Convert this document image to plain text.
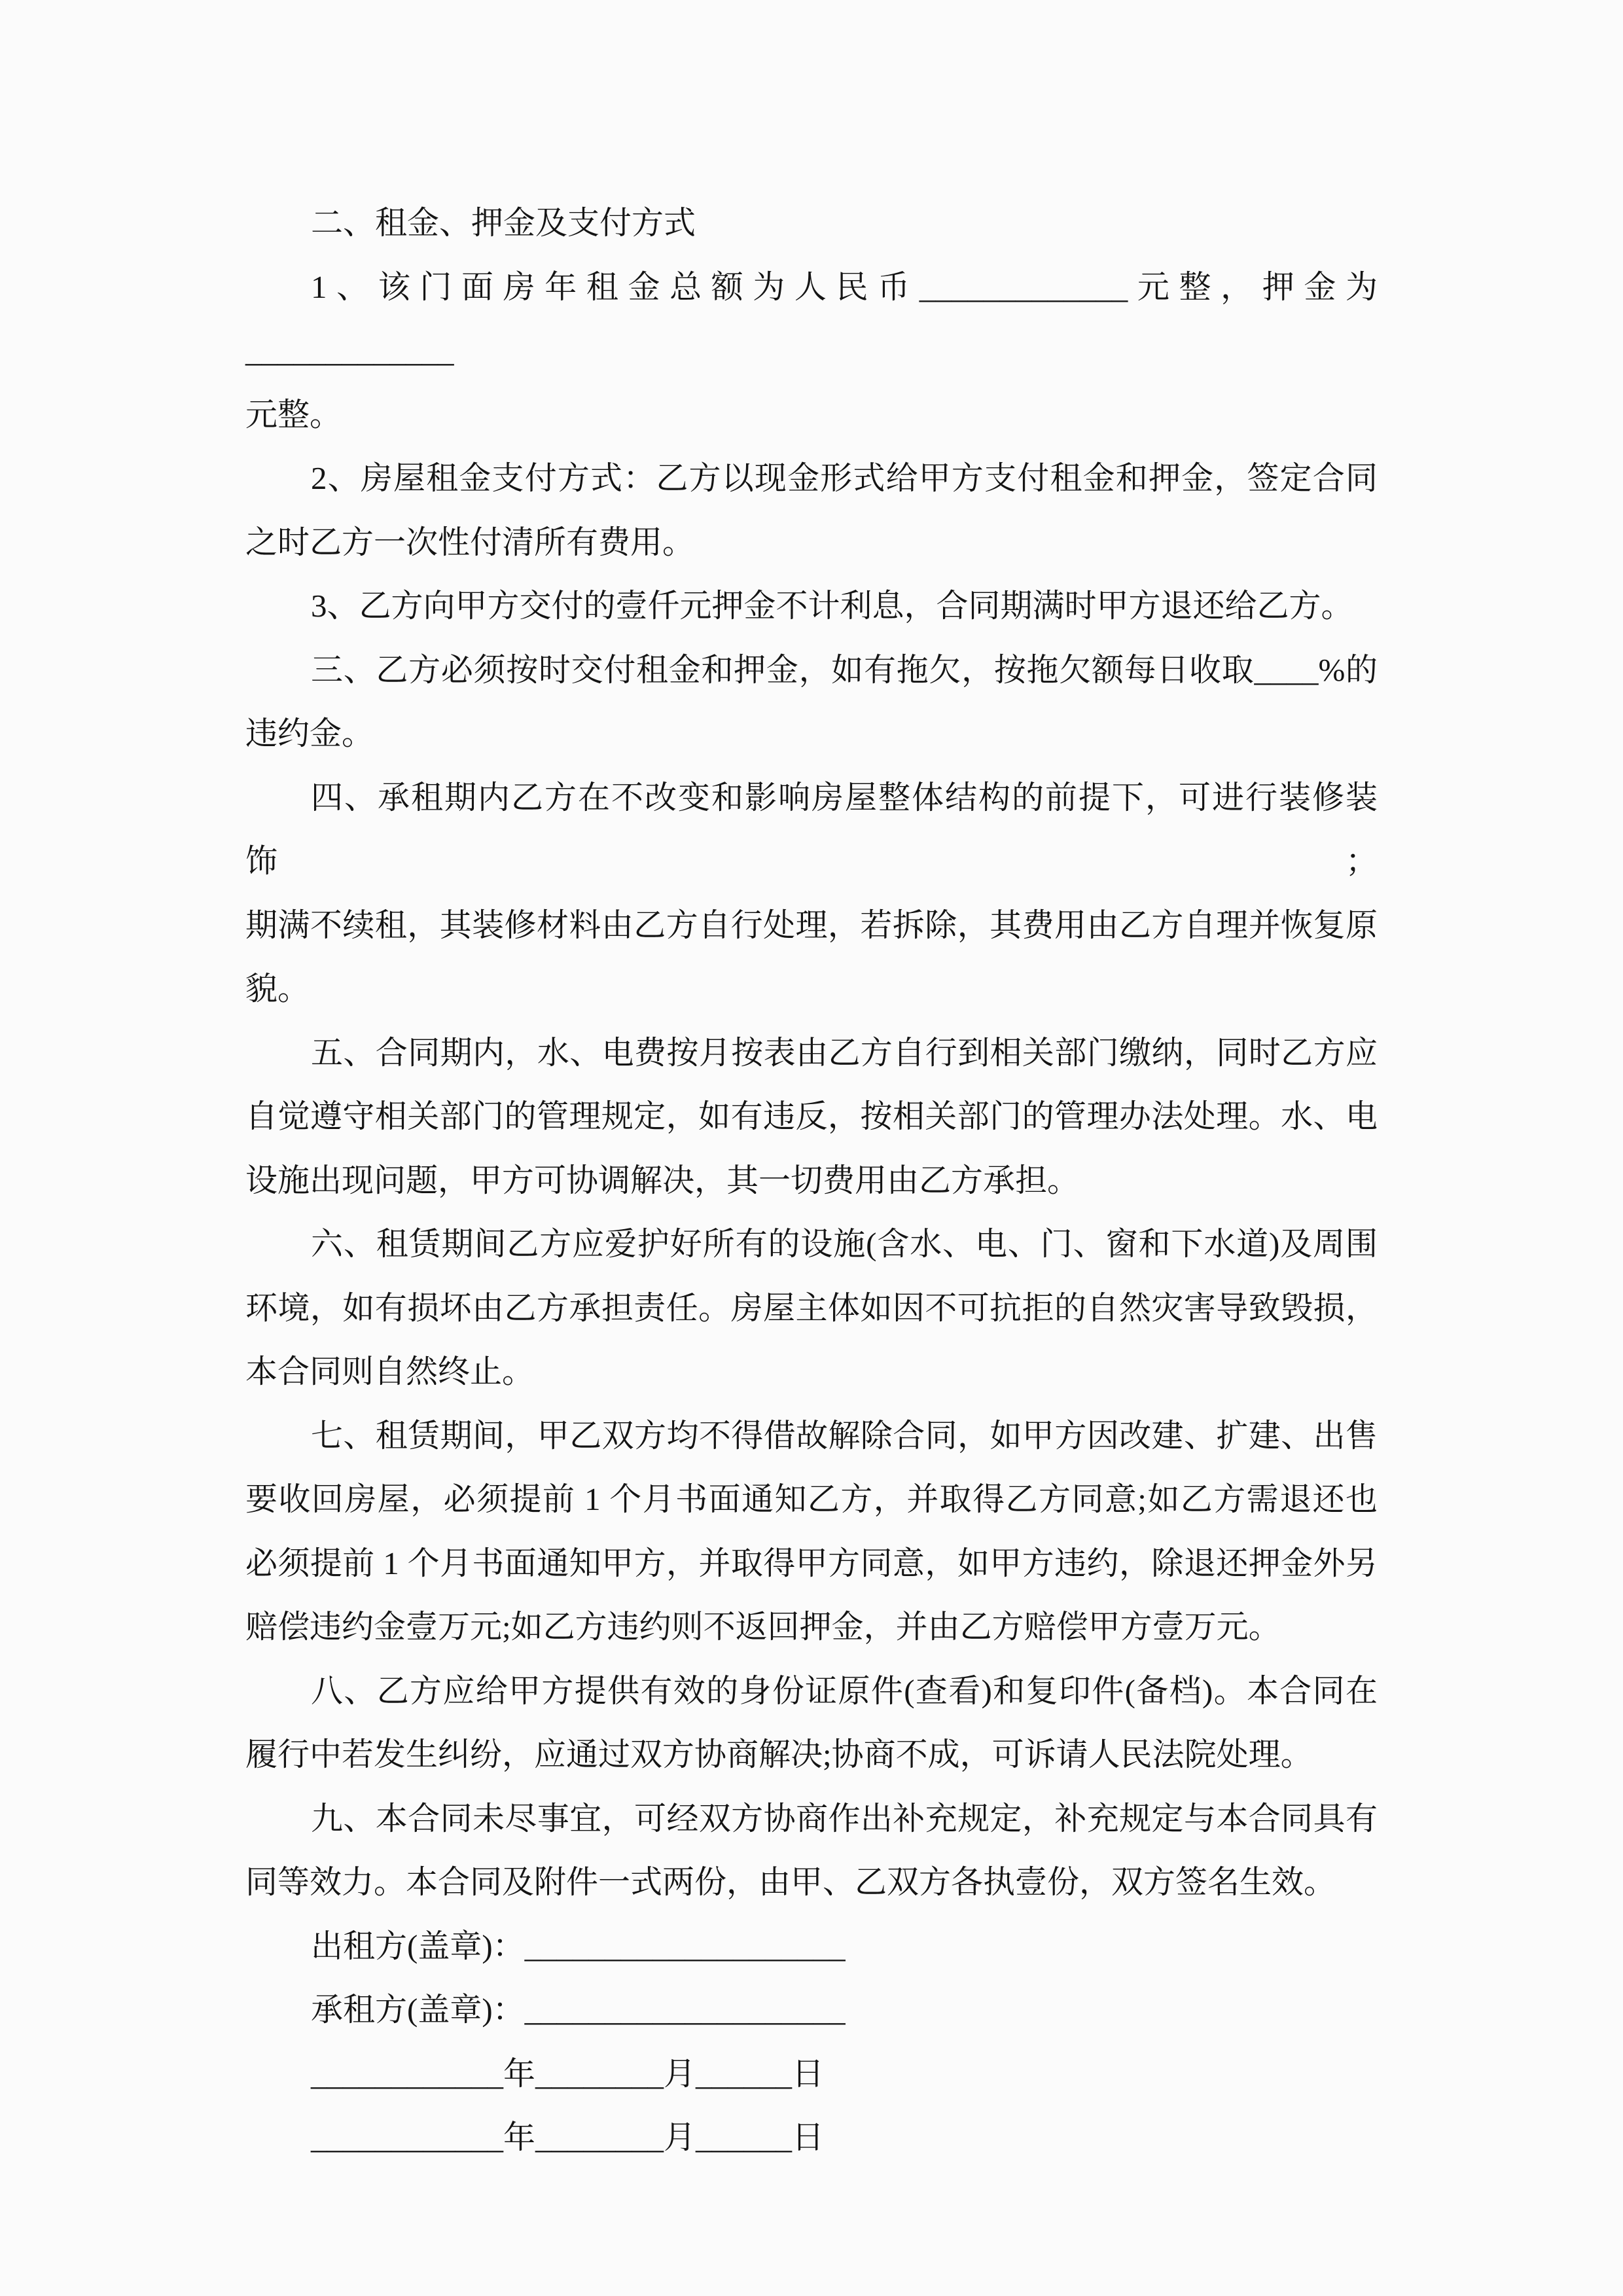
二、租金、押金及支付方式
1、该门面房年租金总额为人民币_____________元整，押金为_____________
元整。
2、房屋租金支付方式：乙方以现金形式给甲方支付租金和押金，签定合同
之时乙方一次性付清所有费用。
3、乙方向甲方交付的壹仟元押金不计利息，合同期满时甲方退还给乙方。
三、乙方必须按时交付租金和押金，如有拖欠，按拖欠额每日收取____%的
违约金。
四、承租期内乙方在不改变和影响房屋整体结构的前提下，可进行装修装饰；
期满不续租，其装修材料由乙方自行处理，若拆除，其费用由乙方自理并恢复原
貌。
五、合同期内，水、电费按月按表由乙方自行到相关部门缴纳，同时乙方应
自觉遵守相关部门的管理规定，如有违反，按相关部门的管理办法处理。水、电
设施出现问题，甲方可协调解决，其一切费用由乙方承担。
六、租赁期间乙方应爱护好所有的设施(含水、电、门、窗和下水道)及周围
环境，如有损坏由乙方承担责任。房屋主体如因不可抗拒的自然灾害导致毁损，
本合同则自然终止。
七、租赁期间，甲乙双方均不得借故解除合同，如甲方因改建、扩建、出售
要收回房屋，必须提前 1 个月书面通知乙方，并取得乙方同意;如乙方需退还也
必须提前 1 个月书面通知甲方，并取得甲方同意，如甲方违约，除退还押金外另
赔偿违约金壹万元;如乙方违约则不返回押金，并由乙方赔偿甲方壹万元。
八、乙方应给甲方提供有效的身份证原件(查看)和复印件(备档)。本合同在
履行中若发生纠纷，应通过双方协商解决;协商不成，可诉请人民法院处理。
九、本合同未尽事宜，可经双方协商作出补充规定，补充规定与本合同具有
同等效力。本合同及附件一式两份，由甲、乙双方各执壹份，双方签名生效。
出租方(盖章)：____________________
承租方(盖章)：____________________
____________年________月______日
____________年________月______日
